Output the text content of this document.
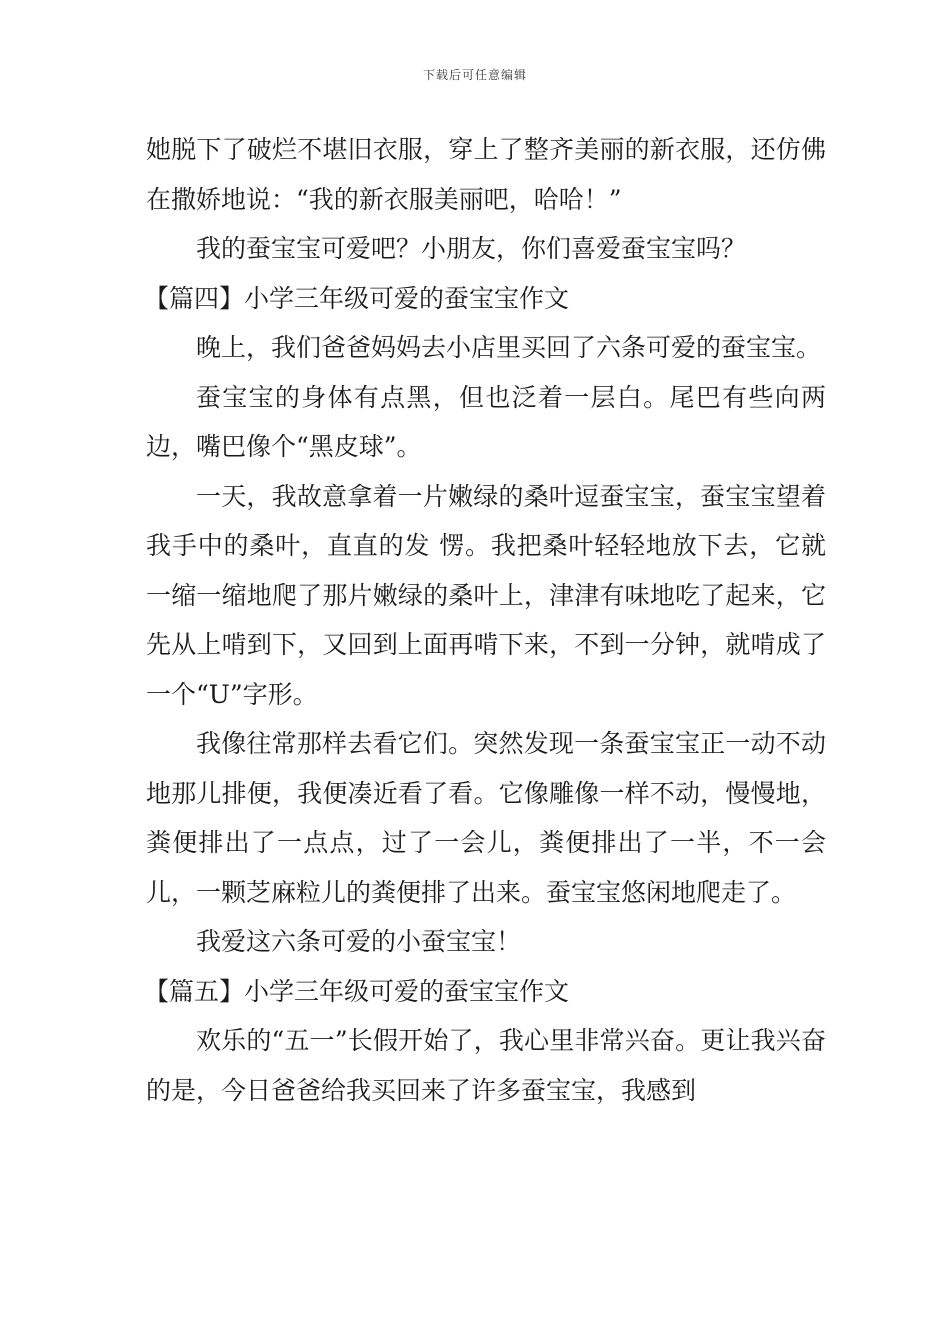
下载后可任意编辑

她脱下了破烂不堪旧衣服，穿上了整齐美丽的新衣服，还仿佛在撒娇地说：“我的新衣服美丽吧，哈哈！”

我的蚕宝宝可爱吧？小朋友，你们喜爱蚕宝宝吗？

【篇四】小学三年级可爱的蚕宝宝作文

晚上，我们爸爸妈妈去小店里买回了六条可爱的蚕宝宝。

蚕宝宝的身体有点黑，但也泛着一层白。尾巴有些向两边，嘴巴像个“黑皮球”。

一天，我故意拿着一片嫩绿的桑叶逗蚕宝宝，蚕宝宝望着我手中的桑叶，直直的发 愣。我把桑叶轻轻地放下去，它就一缩一缩地爬了那片嫩绿的桑叶上，津津有味地吃了起来，它先从上啃到下，又回到上面再啃下来，不到一分钟，就啃成了一个“U”字形。

我像往常那样去看它们。突然发现一条蚕宝宝正一动不动地那儿排便，我便凑近看了看。它像雕像一样不动，慢慢地，粪便排出了一点点，过了一会儿，粪便排出了一半，不一会儿，一颗芝麻粒儿的粪便排了出来。蚕宝宝悠闲地爬走了。

我爱这六条可爱的小蚕宝宝！

【篇五】小学三年级可爱的蚕宝宝作文

欢乐的“五一”长假开始了，我心里非常兴奋。更让我兴奋的是，今日爸爸给我买回来了许多蚕宝宝，我感到
